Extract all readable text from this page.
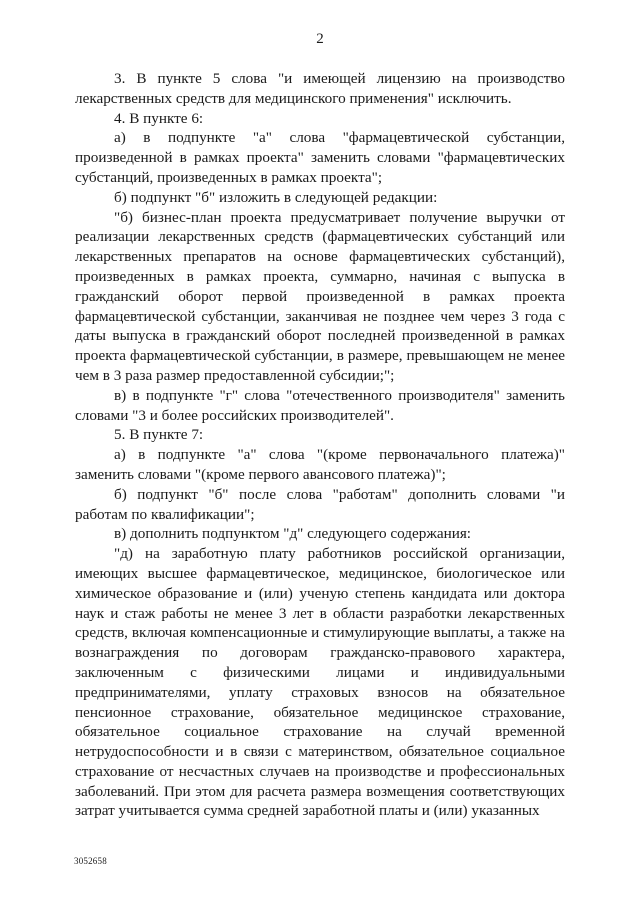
2

3. В пункте 5 слова "и имеющей лицензию на производство лекарственных средств для медицинского применения" исключить.

4. В пункте 6:

а) в подпункте "а" слова "фармацевтической субстанции, произведенной в рамках проекта" заменить словами "фармацевтических субстанций, произведенных в рамках проекта";

б) подпункт "б" изложить в следующей редакции:

"б) бизнес-план проекта предусматривает получение выручки от реализации лекарственных средств (фармацевтических субстанций или лекарственных препаратов на основе фармацевтических субстанций), произведенных в рамках проекта, суммарно, начиная с выпуска в гражданский оборот первой произведенной в рамках проекта фармацевтической субстанции, заканчивая не позднее чем через 3 года с даты выпуска в гражданский оборот последней произведенной в рамках проекта фармацевтической субстанции, в размере, превышающем не менее чем в 3 раза размер предоставленной субсидии;";

в) в подпункте "г" слова "отечественного производителя" заменить словами "3 и более российских производителей".

5. В пункте 7:

а) в подпункте "а" слова "(кроме первоначального платежа)" заменить словами "(кроме первого авансового платежа)";

б) подпункт "б" после слова "работам" дополнить словами "и работам по квалификации";

в) дополнить подпунктом "д" следующего содержания:

"д) на заработную плату работников российской организации, имеющих высшее фармацевтическое, медицинское, биологическое или химическое образование и (или) ученую степень кандидата или доктора наук и стаж работы не менее 3 лет в области разработки лекарственных средств, включая компенсационные и стимулирующие выплаты, а также на вознаграждения по договорам гражданско-правового характера, заключенным с физическими лицами и индивидуальными предпринимателями, уплату страховых взносов на обязательное пенсионное страхование, обязательное медицинское страхование, обязательное социальное страхование на случай временной нетрудоспособности и в связи с материнством, обязательное социальное страхование от несчастных случаев на производстве и профессиональных заболеваний. При этом для расчета размера возмещения соответствующих затрат учитывается сумма средней заработной платы и (или) указанных

3052658
